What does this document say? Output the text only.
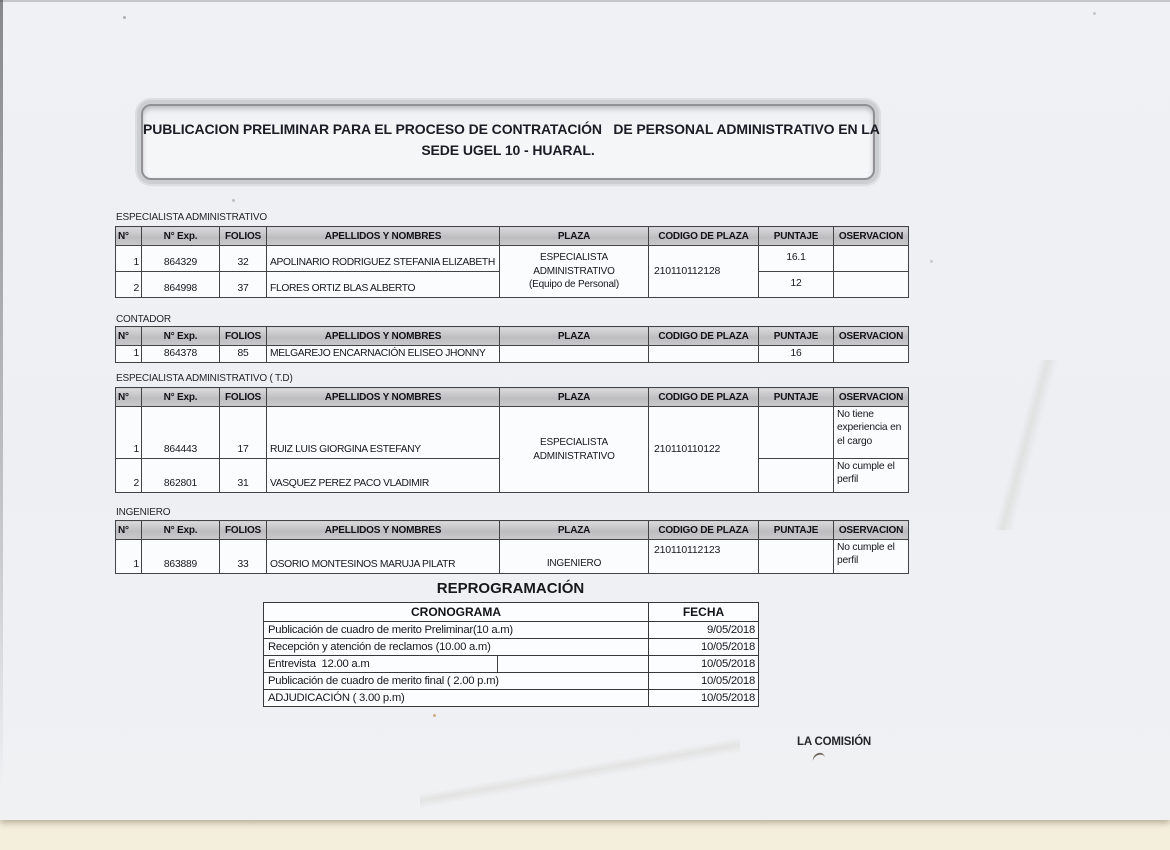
PUBLICACION PRELIMINAR PARA EL PROCESO DE CONTRATACIÓN   DE PERSONAL ADMINISTRATIVO EN LA
SEDE UGEL 10 - HUARAL.
ESPECIALISTA ADMINISTRATIVO
N°	N° Exp.	FOLIOS	APELLIDOS Y NOMBRES	PLAZA	CODIGO DE PLAZA	PUNTAJE	OSERVACION
1	864329	32	APOLINARIO RODRIGUEZ STEFANIA ELIZABETH	ESPECIALISTA ADMINISTRATIVO
(Equipo de Personal)	210110112128	16.1	
2	864998	37	FLORES ORTIZ BLAS ALBERTO			12	
CONTADOR
N°	N° Exp.	FOLIOS	APELLIDOS Y NOMBRES	PLAZA	CODIGO DE PLAZA	PUNTAJE	OSERVACION
1	864378	85	MELGAREJO ENCARNACIÓN ELISEO JHONNY			16	
ESPECIALISTA ADMINISTRATIVO ( T.D)
N°	N° Exp.	FOLIOS	APELLIDOS Y NOMBRES	PLAZA	CODIGO DE PLAZA	PUNTAJE	OSERVACION
1	864443	17	RUIZ LUIS GIORGINA ESTEFANY	ESPECIALISTA ADMINISTRATIVO	210110110122		No tiene experiencia en el cargo
2	862801	31	VASQUEZ PEREZ PACO VLADIMIR				No cumple el perfil
INGENIERO
N°	N° Exp.	FOLIOS	APELLIDOS Y NOMBRES	PLAZA	CODIGO DE PLAZA	PUNTAJE	OSERVACION
1	863889	33	OSORIO MONTESINOS MARUJA PILATR	INGENIERO	210110112123		No cumple el perfil
REPROGRAMACIÓN
CRONOGRAMA	FECHA
Publicación de cuadro de merito Preliminar(10 a.m)	9/05/2018
Recepción y atención de reclamos (10.00 a.m)	10/05/2018
Entrevista  12.00 a.m	10/05/2018
Publicación de cuadro de merito final ( 2.00 p.m)	10/05/2018
ADJUDICACIÓN ( 3.00 p.m)	10/05/2018
LA COMISIÓN
